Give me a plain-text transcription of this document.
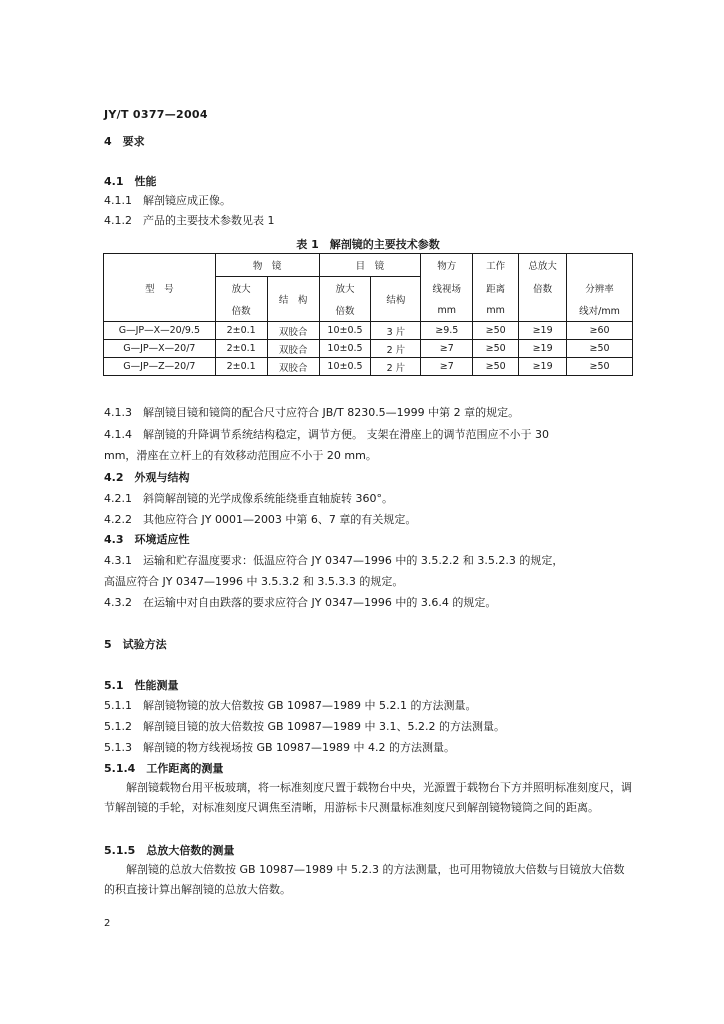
JY/T 0377—2004
4　要求
4.1　性能
4.1.1　解剖镜应成正像。
4.1.2　产品的主要技术参数见表 1
表 1　解剖镜的主要技术参数
型　号	物　镜		目　镜		物方	工作	总放大	
	放大	结　构	放大	结构	线视场	距离	倍数	分辨率
	倍数		倍数		mm	mm		线对/mm
G—JP—X—20/9.5	2±0.1	双胶合	10±0.5	3 片	≥9.5	≥50	≥19	≥60
G—JP—X—20/7	2±0.1	双胶合	10±0.5	2 片	≥7	≥50	≥19	≥50
G—JP—Z—20/7	2±0.1	双胶合	10±0.5	2 片	≥7	≥50	≥19	≥50
4.1.3　解剖镜目镜和镜筒的配合尺寸应符合 JB/T 8230.5—1999 中第 2 章的规定。
4.1.4　解剖镜的升降调节系统结构稳定，调节方便。 支架在滑座上的调节范围应不小于 30
mm，滑座在立杆上的有效移动范围应不小于 20 mm。
4.2　外观与结构
4.2.1　斜筒解剖镜的光学成像系统能绕垂直轴旋转 360°。
4.2.2　其他应符合 JY 0001—2003 中第 6、7 章的有关规定。
4.3　环境适应性
4.3.1　运输和贮存温度要求：低温应符合 JY 0347—1996 中的 3.5.2.2 和 3.5.2.3 的规定，
高温应符合 JY 0347—1996 中 3.5.3.2 和 3.5.3.3 的规定。
4.3.2　在运输中对自由跌落的要求应符合 JY 0347—1996 中的 3.6.4 的规定。
5　试验方法
5.1　性能测量
5.1.1　解剖镜物镜的放大倍数按 GB 10987—1989 中 5.2.1 的方法测量。
5.1.2　解剖镜目镜的放大倍数按 GB 10987—1989 中 3.1、5.2.2 的方法测量。
5.1.3　解剖镜的物方线视场按 GB 10987—1989 中 4.2 的方法测量。
5.1.4　工作距离的测量
　　解剖镜载物台用平板玻璃，将一标准刻度尺置于载物台中央，光源置于载物台下方并照明标准刻度尺，调节解剖镜的手轮，对标准刻度尺调焦至清晰，用游标卡尺测量标准刻度尺到解剖镜物镜筒之间的距离。
5.1.5　总放大倍数的测量
　　解剖镜的总放大倍数按 GB 10987—1989 中 5.2.3 的方法测量，也可用物镜放大倍数与目镜放大倍数的积直接计算出解剖镜的总放大倍数。
2
